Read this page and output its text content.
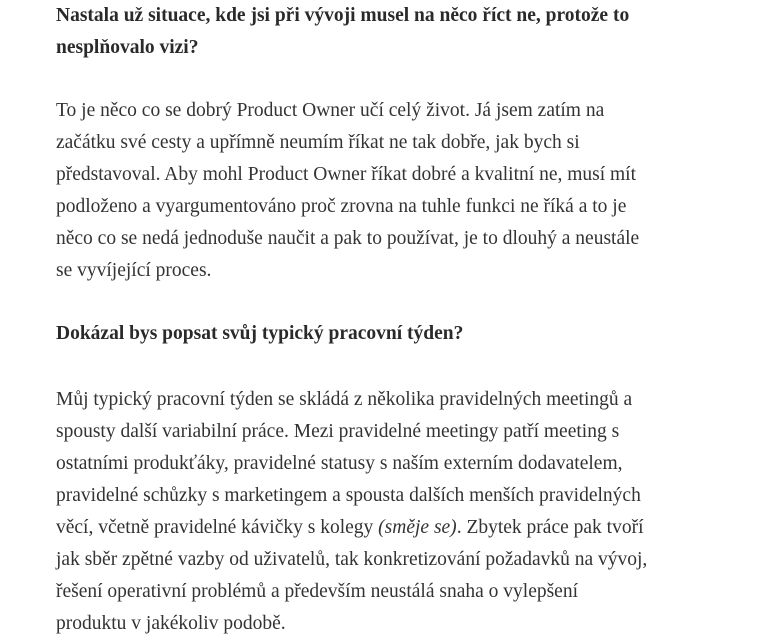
Nastala už situace, kde jsi při vývoji musel na něco říct ne, protože to
nesplňovalo vizi?

To je něco co se dobrý Product Owner učí celý život. Já jsem zatím na
začátku své cesty a upřímně neumím říkat ne tak dobře, jak bych si
představoval. Aby mohl Product Owner říkat dobré a kvalitní ne, musí mít
podloženo a vyargumentováno proč zrovna na tuhle funkci ne říká a to je
něco co se nedá jednoduše naučit a pak to používat, je to dlouhý a neustále
se vyvíjející proces.

Dokázal bys popsat svůj typický pracovní týden?

Můj typický pracovní týden se skládá z několika pravidelných meetingů a
spousty další variabilní práce. Mezi pravidelné meetingy patří meeting s
ostatními produkťáky, pravidelné statusy s naším externím dodavatelem,
pravidelné schůzky s marketingem a spousta dalších menších pravidelných
věcí, včetně pravidelné kávičky s kolegy (směje se). Zbytek práce pak tvoří
jak sběr zpětné vazby od uživatelů, tak konkretizování požadavků na vývoj,
řešení operativní problémů a především neustálá snaha o vylepšení
produktu v jakékoliv podobě.
